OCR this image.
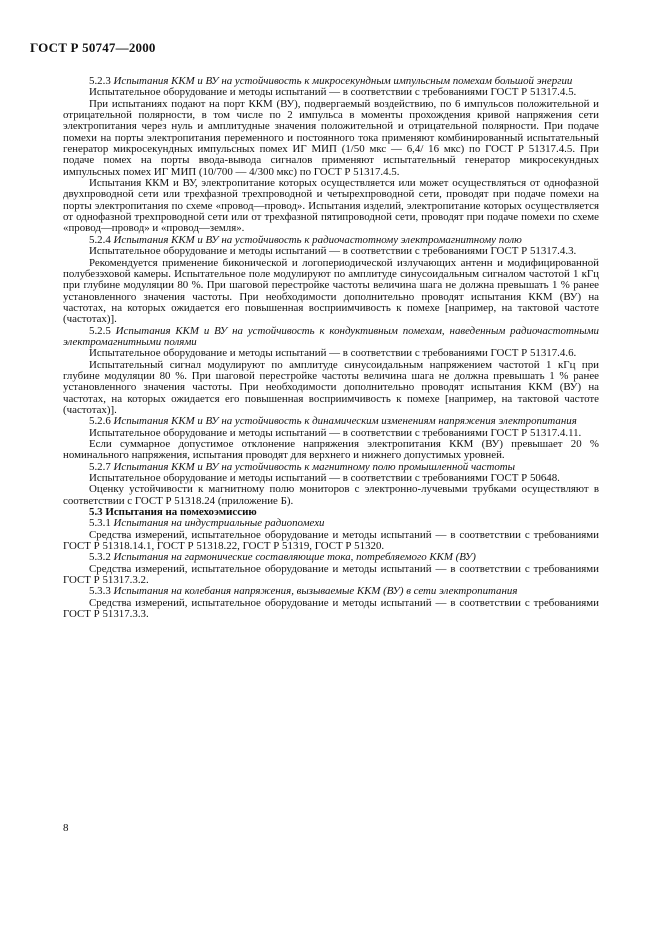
ГОСТ Р 50747—2000

5.2.3 Испытания ККМ и ВУ на устойчивость к микросекундным импульсным помехам большой энергии

Испытательное оборудование и методы испытаний — в соответствии с требованиями ГОСТ Р 51317.4.5.

При испытаниях подают на порт ККМ (ВУ), подвергаемый воздействию, по 6 импульсов положительной и отрицательной полярности, в том числе по 2 импульса в моменты прохождения кривой напряжения сети электропитания через нуль и амплитудные значения положительной и отрицательной полярности. При подаче помехи на порты электропитания переменного и постоянного тока применяют комбинированный испытательный генератор микросекундных импульсных помех ИГ МИП (1/50 мкс — 6,4/ 16 мкс) по ГОСТ Р 51317.4.5. При подаче помех на порты ввода-вывода сигналов применяют испытательный генератор микросекундных импульсных помех ИГ МИП (10/700 — 4/300 мкс) по ГОСТ Р 51317.4.5.

Испытания ККМ и ВУ, электропитание которых осуществляется или может осуществляться от однофазной двухпроводной сети или трехфазной трехпроводной и четырехпроводной сети, проводят при подаче помехи на порты электропитания по схеме «провод—провод». Испытания изделий, электропитание которых осуществляется от однофазной трехпроводной сети или от трехфазной пятипроводной сети, проводят при подаче помехи по схеме «провод—провод» и «провод—земля».

5.2.4 Испытания ККМ и ВУ на устойчивость к радиочастотному электромагнитному полю

Испытательное оборудование и методы испытаний — в соответствии с требованиями ГОСТ Р 51317.4.3.

Рекомендуется применение биконической и логопериодической излучающих антенн и модифицированной полубезэховой камеры. Испытательное поле модулируют по амплитуде синусоидальным сигналом частотой 1 кГц при глубине модуляции 80 %. При шаговой перестройке частоты величина шага не должна превышать 1 % ранее установленного значения частоты. При необходимости дополнительно проводят испытания ККМ (ВУ) на частотах, на которых ожидается его повышенная восприимчивость к помехе [например, на тактовой частоте (частотах)].

5.2.5 Испытания ККМ и ВУ на устойчивость к кондуктивным помехам, наведенным радиочастотными электромагнитными полями

Испытательное оборудование и методы испытаний — в соответствии с требованиями ГОСТ Р 51317.4.6.

Испытательный сигнал модулируют по амплитуде синусоидальным напряжением частотой 1 кГц при глубине модуляции 80 %. При шаговой перестройке частоты величина шага не должна превышать 1 % ранее установленного значения частоты. При необходимости дополнительно проводят испытания ККМ (ВУ) на частотах, на которых ожидается его повышенная восприимчивость к помехе [например, на тактовой частоте (частотах)].

5.2.6 Испытания ККМ и ВУ на устойчивость к динамическим изменениям напряжения электропитания

Испытательное оборудование и методы испытаний — в соответствии с требованиями ГОСТ Р 51317.4.11.

Если суммарное допустимое отклонение напряжения электропитания ККМ (ВУ) превышает 20 % номинального напряжения, испытания проводят для верхнего и нижнего допустимых уровней.

5.2.7 Испытания ККМ и ВУ на устойчивость к магнитному полю промышленной частоты

Испытательное оборудование и методы испытаний — в соответствии с требованиями ГОСТ Р 50648.

Оценку устойчивости к магнитному полю мониторов с электронно-лучевыми трубками осуществляют в соответствии с ГОСТ Р 51318.24 (приложение Б).

5.3 Испытания на помехоэмиссию

5.3.1 Испытания на индустриальные радиопомехи

Средства измерений, испытательное оборудование и методы испытаний — в соответствии с требованиями ГОСТ Р 51318.14.1, ГОСТ Р 51318.22, ГОСТ Р 51319, ГОСТ Р 51320.

5.3.2 Испытания на гармонические составляющие тока, потребляемого ККМ (ВУ)

Средства измерений, испытательное оборудование и методы испытаний — в соответствии с требованиями ГОСТ Р 51317.3.2.

5.3.3 Испытания на колебания напряжения, вызываемые ККМ (ВУ) в сети электропитания

Средства измерений, испытательное оборудование и методы испытаний — в соответствии с требованиями ГОСТ Р 51317.3.3.

8
